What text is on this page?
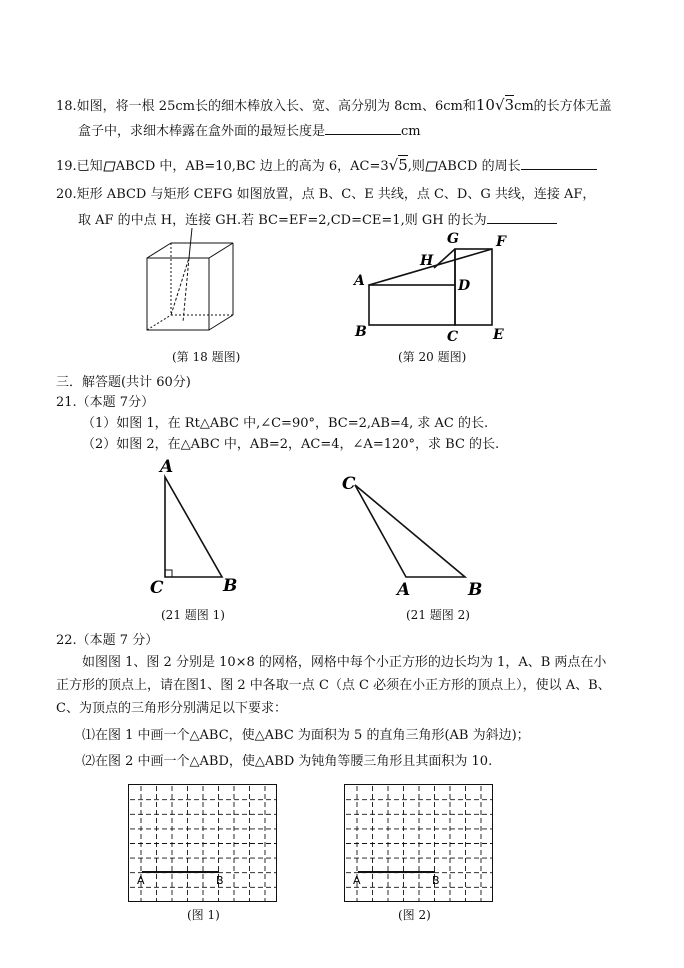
18.如图，将一根 25cm长的细木棒放入长、宽、高分别为 8cm、6cm和10√3cm的长方体无盖
盒子中，求细木棒露在盒外面的最短长度是	cm
19.已知 ABCD 中，AB=10,BC 边上的高为 6，AC=3√5,则 ABCD 的周长
20.矩形 ABCD 与矩形 CEFG 如图放置，点 B、C、E 共线，点 C、D、G 共线，连接 AF，
取 AF 的中点 H，连接 GH.若 BC=EF=2,CD=CE=1,则 GH 的长为
(第 18 题图)
A
B	C
D
E
F
G
H
(第 20 题图)
三．解答题(共计 60分)
21.（本题 7分）
（1）如图 1，在 Rt△ABC 中,∠C=90°，BC=2,AB=4, 求 AC 的长.
（2）如图 2，在△ABC 中，AB=2，AC=4，∠A=120°，求 BC 的长.
A
C	B
(21 题图 1)
C
A	B
(21 题图 2)
22.（本题 7 分）
如图图 1、图 2 分别是 10×8 的网格，网格中每个小正方形的边长均为 1，A、B 两点在小
正方形的顶点上，请在图1、图 2 中各取一点 C（点 C 必须在小正方形的顶点上），使以 A、B、
C、为顶点的三角形分别满足以下要求：
⑴在图 1 中画一个△ABC，使△ABC 为面积为 5 的直角三角形(AB 为斜边)；
⑵在图 2 中画一个△ABD，使△ABD 为钝角等腰三角形且其面积为 10.
A	B
(图 1)
A	B
(图 2)
